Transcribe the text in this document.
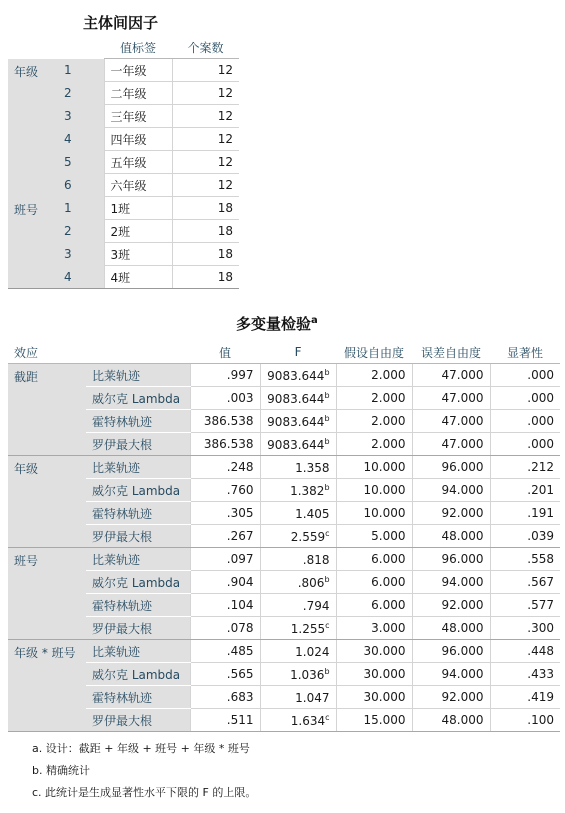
主体间因子
		值标签	个案数
年级	1	一年级	12
	2	二年级	12
	3	三年级	12
	4	四年级	12
	5	五年级	12
	6	六年级	12
班号	1	1班	18
	2	2班	18
	3	3班	18
	4	4班	18
多变量检验$^a$
效应		值	F	假设自由度	误差自由度	显著性
截距	比莱轨迹	.997	9083.644$^b$	2.000	47.000	.000
	威尔克 Lambda	.003	9083.644$^b$	2.000	47.000	.000
	霍特林轨迹	386.538	9083.644$^b$	2.000	47.000	.000
	罗伊最大根	386.538	9083.644$^b$	2.000	47.000	.000
年级	比莱轨迹	.248	1.358	10.000	96.000	.212
	威尔克 Lambda	.760	1.382$^b$	10.000	94.000	.201
	霍特林轨迹	.305	1.405	10.000	92.000	.191
	罗伊最大根	.267	2.559$^c$	5.000	48.000	.039
班号	比莱轨迹	.097	.818	6.000	96.000	.558
	威尔克 Lambda	.904	.806$^b$	6.000	94.000	.567
	霍特林轨迹	.104	.794	6.000	92.000	.577
	罗伊最大根	.078	1.255$^c$	3.000	48.000	.300
年级 * 班号	比莱轨迹	.485	1.024	30.000	96.000	.448
	威尔克 Lambda	.565	1.036$^b$	30.000	94.000	.433
	霍特林轨迹	.683	1.047	30.000	92.000	.419
	罗伊最大根	.511	1.634$^c$	15.000	48.000	.100
a. 设计：截距 + 年级 + 班号 + 年级 * 班号
b. 精确统计
c. 此统计是生成显著性水平下限的 F 的上限。
